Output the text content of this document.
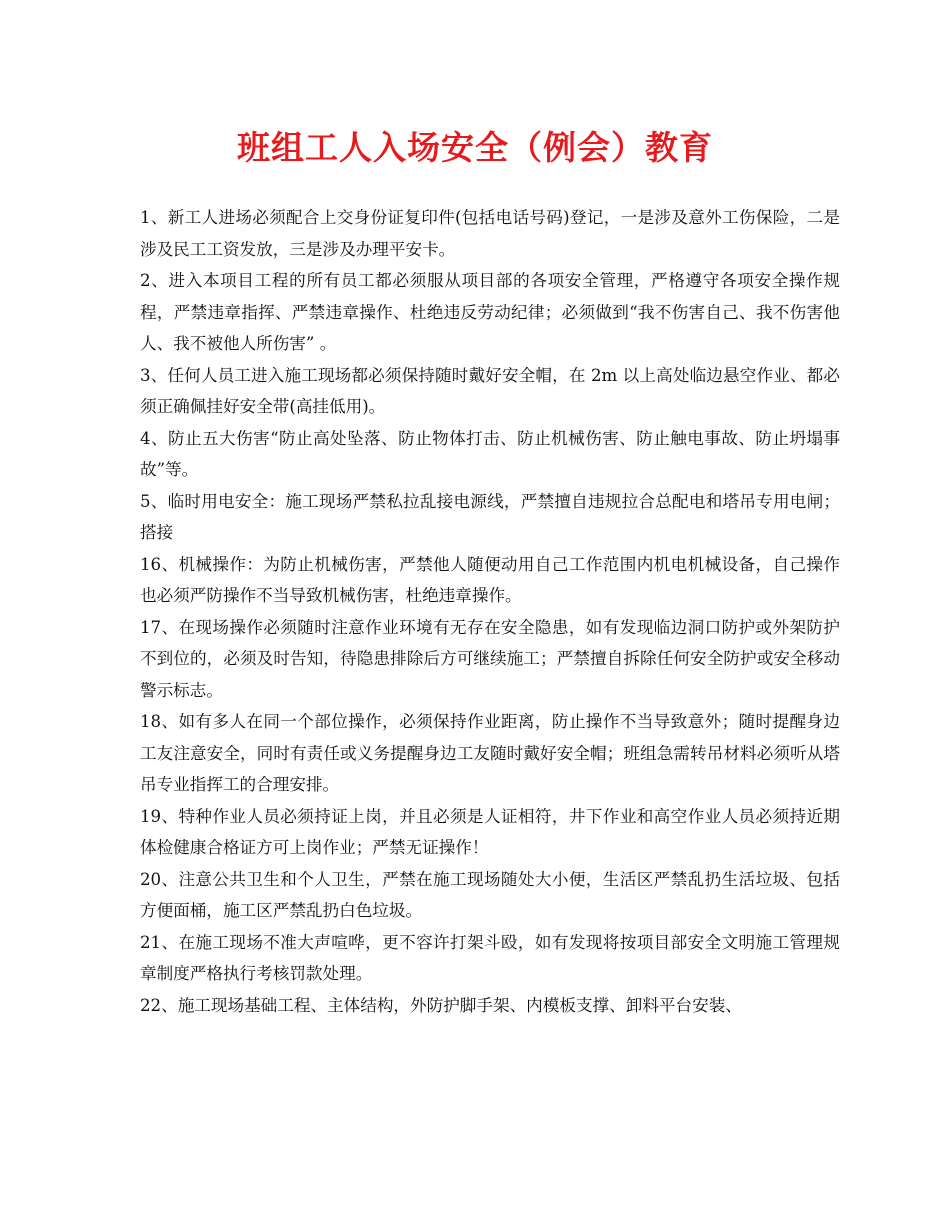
班组工人入场安全（例会）教育

1、新工人进场必须配合上交身份证复印件(包括电话号码)登记，一是涉及意外工伤保险，二是涉及民工工资发放，三是涉及办理平安卡。

2、进入本项目工程的所有员工都必须服从项目部的各项安全管理，严格遵守各项安全操作规程，严禁违章指挥、严禁违章操作、杜绝违反劳动纪律；必须做到“我不伤害自己、我不伤害他人、我不被他人所伤害” 。

3、任何人员工进入施工现场都必须保持随时戴好安全帽，在 2m 以上高处临边悬空作业、都必须正确佩挂好安全带(高挂低用)。

4、防止五大伤害“防止高处坠落、防止物体打击、防止机械伤害、防止触电事故、防止坍塌事故”等。

5、临时用电安全：施工现场严禁私拉乱接电源线，严禁擅自违规拉合总配电和塔吊专用电闸；搭接

16、机械操作：为防止机械伤害，严禁他人随便动用自己工作范围内机电机械设备，自己操作也必须严防操作不当导致机械伤害，杜绝违章操作。

17、在现场操作必须随时注意作业环境有无存在安全隐患，如有发现临边洞口防护或外架防护不到位的，必须及时告知，待隐患排除后方可继续施工；严禁擅自拆除任何安全防护或安全移动警示标志。

18、如有多人在同一个部位操作，必须保持作业距离，防止操作不当导致意外；随时提醒身边工友注意安全，同时有责任或义务提醒身边工友随时戴好安全帽；班组急需转吊材料必须听从塔吊专业指挥工的合理安排。

19、特种作业人员必须持证上岗，并且必须是人证相符，井下作业和高空作业人员必须持近期体检健康合格证方可上岗作业；严禁无证操作！

20、注意公共卫生和个人卫生，严禁在施工现场随处大小便，生活区严禁乱扔生活垃圾、包括方便面桶，施工区严禁乱扔白色垃圾。

21、在施工现场不准大声喧哗，更不容许打架斗殴，如有发现将按项目部安全文明施工管理规章制度严格执行考核罚款处理。

22、施工现场基础工程、主体结构，外防护脚手架、内模板支撑、卸料平台安装、
